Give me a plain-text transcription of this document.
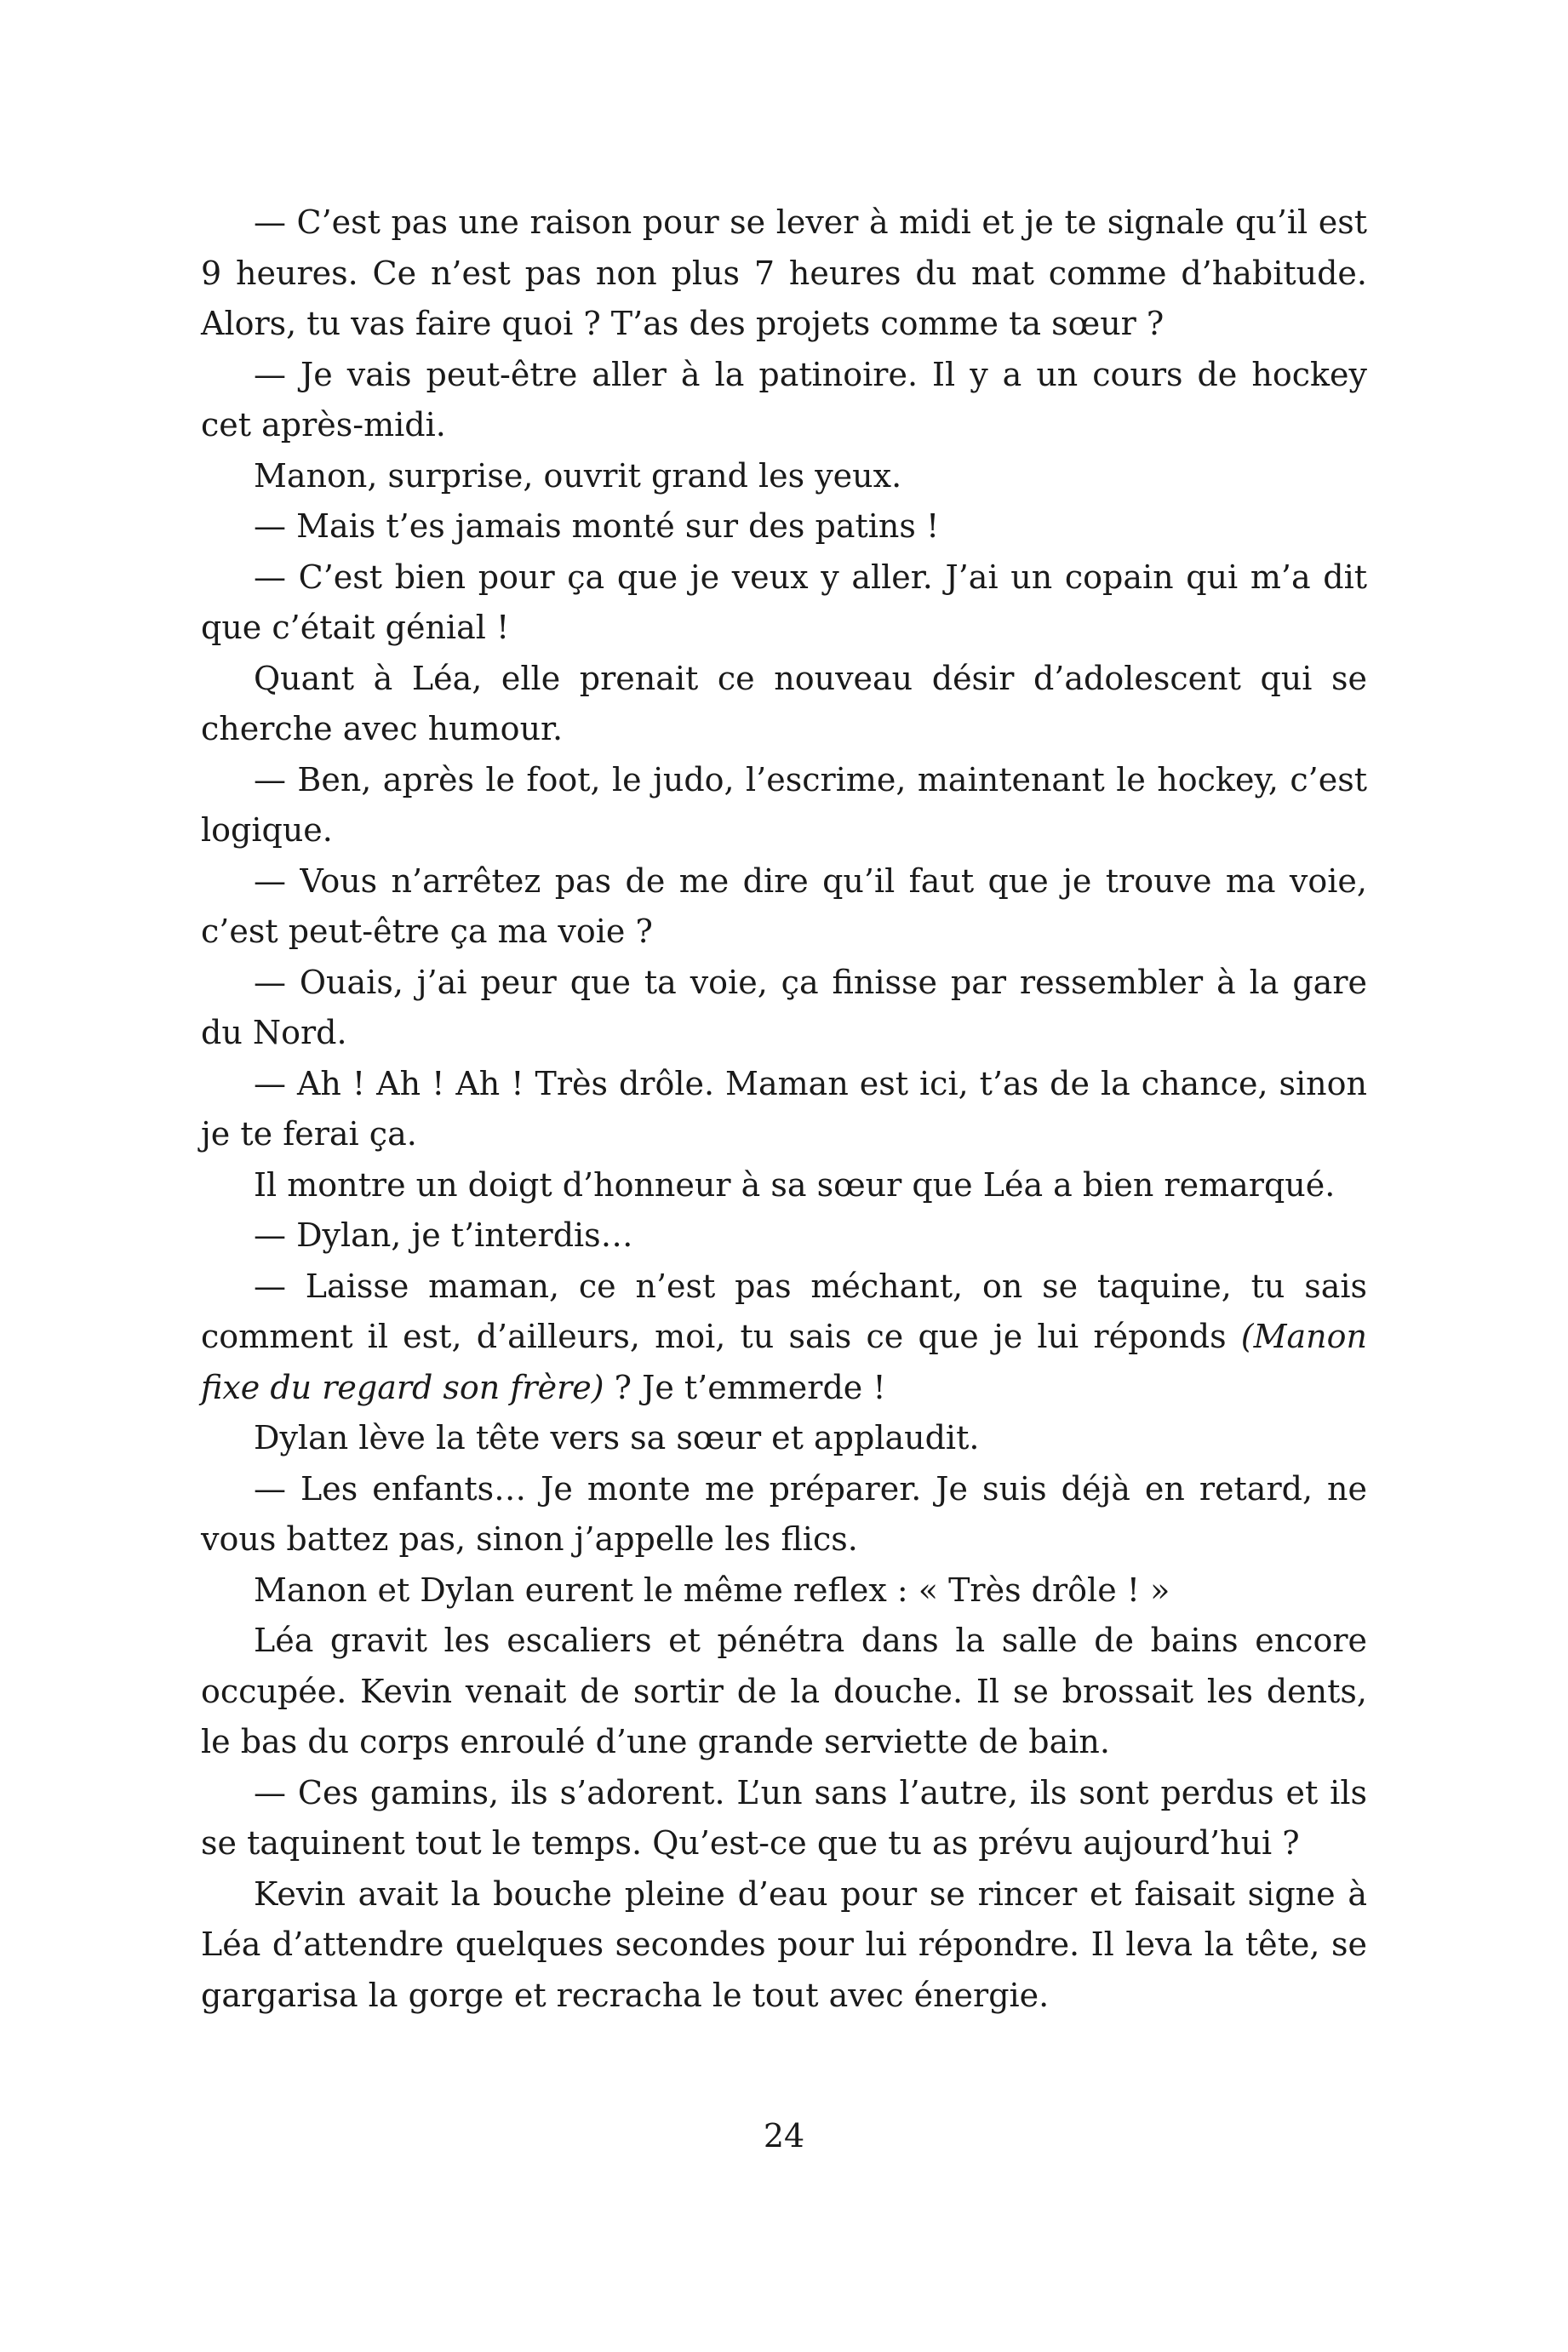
— C’est pas une raison pour se lever à midi et je te signale qu’il est 9 heures. Ce n’est pas non plus 7 heures du mat comme d’habitude. Alors, tu vas faire quoi ? T’as des projets comme ta sœur ?

— Je vais peut-être aller à la patinoire. Il y a un cours de hockey cet après-midi.

Manon, surprise, ouvrit grand les yeux.

— Mais t’es jamais monté sur des patins !

— C’est bien pour ça que je veux y aller. J’ai un copain qui m’a dit que c’était génial !

Quant à Léa, elle prenait ce nouveau désir d’adolescent qui se cherche avec humour.

— Ben, après le foot, le judo, l’escrime, maintenant le hockey, c’est logique.

— Vous n’arrêtez pas de me dire qu’il faut que je trouve ma voie, c’est peut-être ça ma voie ?

— Ouais, j’ai peur que ta voie, ça finisse par ressembler à la gare du Nord.

— Ah ! Ah ! Ah ! Très drôle. Maman est ici, t’as de la chance, sinon je te ferai ça.

Il montre un doigt d’honneur à sa sœur que Léa a bien remarqué.

— Dylan, je t’interdis…

— Laisse maman, ce n’est pas méchant, on se taquine, tu sais comment il est, d’ailleurs, moi, tu sais ce que je lui réponds (Manon fixe du regard son frère) ? Je t’emmerde !

Dylan lève la tête vers sa sœur et applaudit.

— Les enfants… Je monte me préparer. Je suis déjà en retard, ne vous battez pas, sinon j’appelle les flics.

Manon et Dylan eurent le même reflex : « Très drôle ! »

Léa gravit les escaliers et pénétra dans la salle de bains encore occupée. Kevin venait de sortir de la douche. Il se brossait les dents, le bas du corps enroulé d’une grande serviette de bain.

— Ces gamins, ils s’adorent. L’un sans l’autre, ils sont perdus et ils se taquinent tout le temps. Qu’est-ce que tu as prévu aujourd’hui ?

Kevin avait la bouche pleine d’eau pour se rincer et faisait signe à Léa d’attendre quelques secondes pour lui répondre. Il leva la tête, se gargarisa la gorge et recracha le tout avec énergie.

24
